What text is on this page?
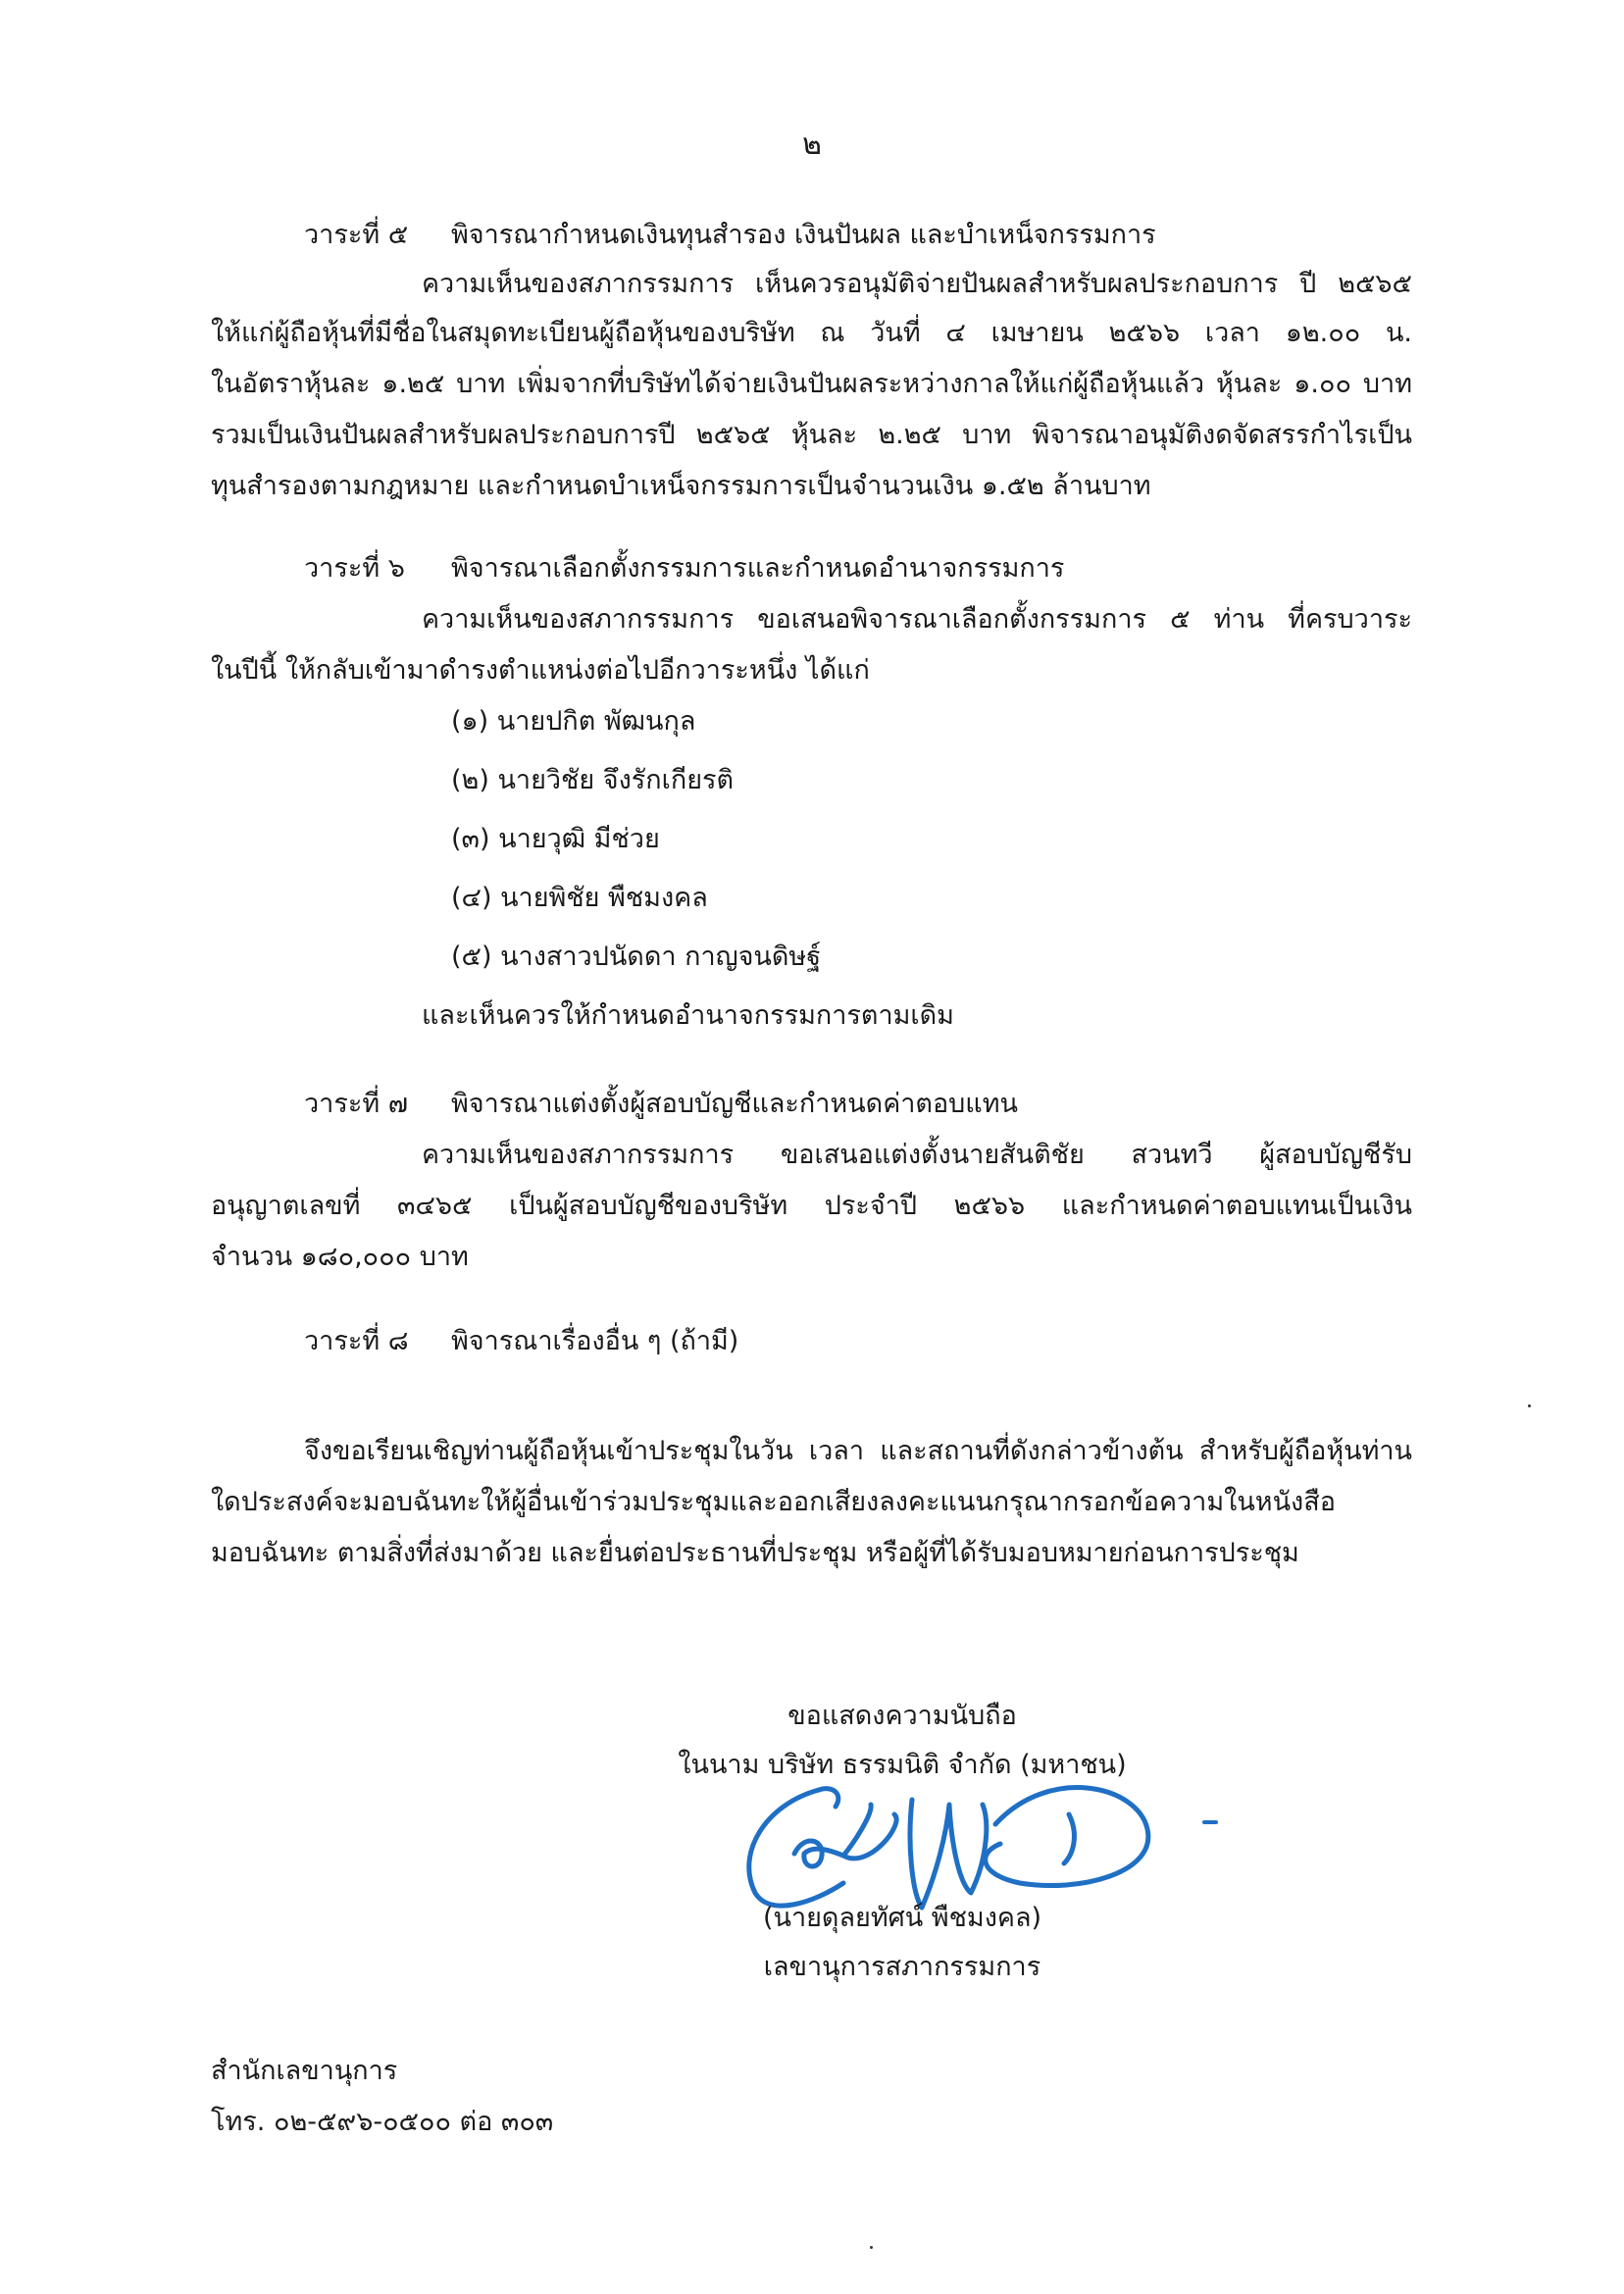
๒
วาระที่ ๕ พิจารณากำหนดเงินทุนสำรอง เงินปันผล และบำเหน็จกรรมการ
ความเห็นของสภากรรมการ เห็นควรอนุมัติจ่ายปันผลสำหรับผลประกอบการ ปี ๒๕๖๕
ให้แก่ผู้ถือหุ้นที่มีชื่อในสมุดทะเบียนผู้ถือหุ้นของบริษัท ณ วันที่ ๔ เมษายน ๒๕๖๖ เวลา ๑๒.๐๐ น.
ในอัตราหุ้นละ ๑.๒๕ บาท เพิ่มจากที่บริษัทได้จ่ายเงินปันผลระหว่างกาลให้แก่ผู้ถือหุ้นแล้ว หุ้นละ ๑.๐๐ บาท
รวมเป็นเงินปันผลสำหรับผลประกอบการปี ๒๕๖๕ หุ้นละ ๒.๒๕ บาท พิจารณาอนุมัติงดจัดสรรกำไรเป็น
ทุนสำรองตามกฎหมาย และกำหนดบำเหน็จกรรมการเป็นจำนวนเงิน ๑.๕๒ ล้านบาท
วาระที่ ๖ พิจารณาเลือกตั้งกรรมการและกำหนดอำนาจกรรมการ
ความเห็นของสภากรรมการ ขอเสนอพิจารณาเลือกตั้งกรรมการ ๕ ท่าน ที่ครบวาระ
ในปีนี้ ให้กลับเข้ามาดำรงตำแหน่งต่อไปอีกวาระหนึ่ง ได้แก่
(๑) นายปกิต พัฒนกุล
(๒) นายวิชัย จึงรักเกียรติ
(๓) นายวุฒิ มีช่วย
(๔) นายพิชัย พืชมงคล
(๕) นางสาวปนัดดา กาญจนดิษฐ์
และเห็นควรให้กำหนดอำนาจกรรมการตามเดิม
วาระที่ ๗ พิจารณาแต่งตั้งผู้สอบบัญชีและกำหนดค่าตอบแทน
ความเห็นของสภากรรมการ ขอเสนอแต่งตั้งนายสันติชัย สวนทวี ผู้สอบบัญชีรับ
อนุญาตเลขที่ ๓๔๖๕ เป็นผู้สอบบัญชีของบริษัท ประจำปี ๒๕๖๖ และกำหนดค่าตอบแทนเป็นเงิน
จำนวน ๑๘๐,๐๐๐ บาท
วาระที่ ๘ พิจารณาเรื่องอื่น ๆ (ถ้ามี)
จึงขอเรียนเชิญท่านผู้ถือหุ้นเข้าประชุมในวัน เวลา และสถานที่ดังกล่าวข้างต้น สำหรับผู้ถือหุ้นท่าน
ใดประสงค์จะมอบฉันทะให้ผู้อื่นเข้าร่วมประชุมและออกเสียงลงคะแนนกรุณากรอกข้อความในหนังสือ
มอบฉันทะ ตามสิ่งที่ส่งมาด้วย และยื่นต่อประธานที่ประชุม หรือผู้ที่ได้รับมอบหมายก่อนการประชุม
ขอแสดงความนับถือ
ในนาม บริษัท ธรรมนิติ จำกัด (มหาชน)
(นายดุลยทัศน์ พืชมงคล)
เลขานุการสภากรรมการ
สำนักเลขานุการ
โทร. ๐๒-๕๙๖-๐๕๐๐ ต่อ ๓๐๓
